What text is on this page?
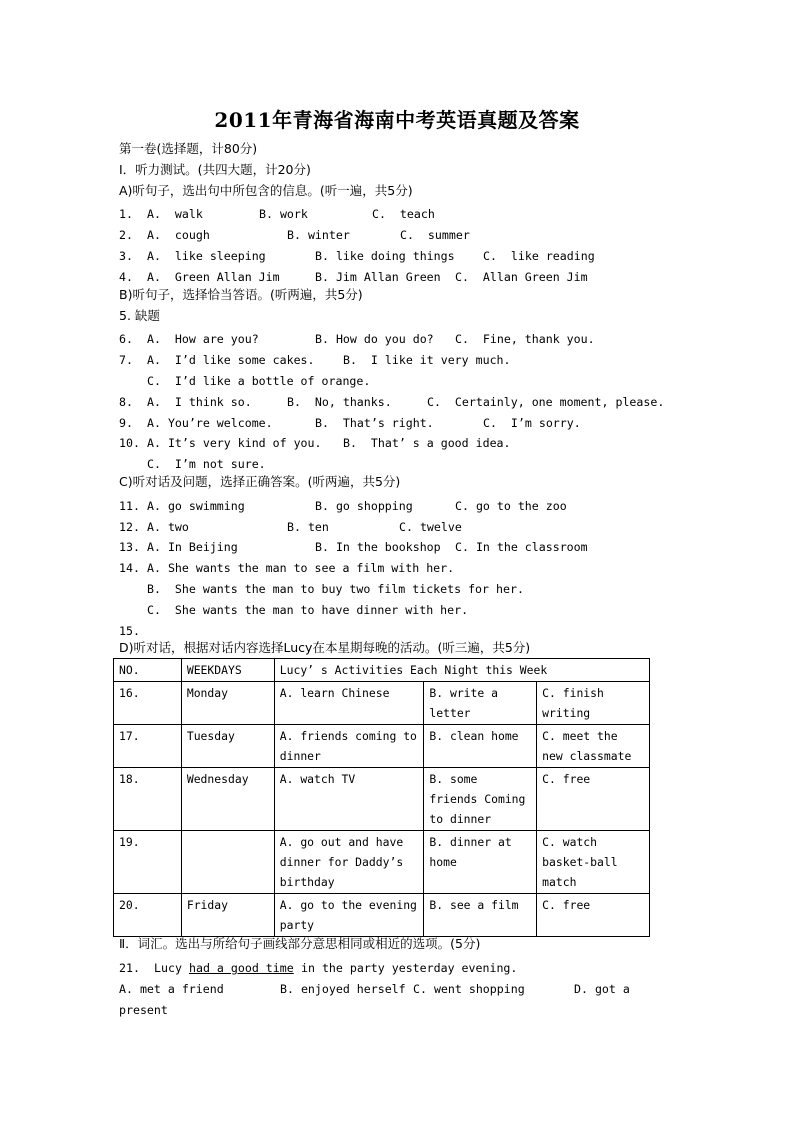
2011年青海省海南中考英语真题及答案
第一卷(选择题，计80分)
I．听力测试。(共四大题，计20分)
A)听句子，选出句中所包含的信息。(听一遍，共5分)
1. A.  walk	B. work	C.  teach
2. A.  cough	B. winter	C.  summer
3. A.  like sleeping	B. like doing things C.  like reading
4. A.  Green Allan Jim	B. Jim Allan Green C.  Allan Green Jim
B)听句子，选择恰当答语。(听两遍，共5分)
5. 缺题
6. A.  How are you?	B. How do you do? C.  Fine, thank you.
7. A.  I’d like some cakes. B.  I like it very much.
C.  I’d like a bottle of orange.
8. A.  I think so.	B.  No, thanks.	C.  Certainly, one moment, please.
9. A. You’re welcome.	B.  That’s right.	C.  I’m sorry.
10. A. It’s very kind of you. B.  That’ s a good idea.
C.  I’m not sure.
C)听对话及问题，选择正确答案。(听两遍，共5分)
11. A. go swimming	B. go shopping	C. go to the zoo
12. A. two	B. ten	C. twelve
13. A. In Beijing	B. In the bookshop C. In the classroom
14. A. She wants the man to see a film with her.
B.  She wants the man to buy two film tickets for her.
C.  She wants the man to have dinner with her.
15.
D)听对话，根据对话内容选择Lucy在本星期每晚的活动。(听三遍，共5分)
NO.	WEEKDAYS	Lucy’ s Activities Each Night this Week		
16.	Monday	A. learn Chinese	B. write a letter	C. finish writing
17.	Tuesday	A. friends coming to dinner	B. clean home	C. meet the new classmate
18.	Wednesday	A. watch TV	B. some friends Coming to dinner	C. free
19.		A. go out and have dinner for Daddy’s birthday	B. dinner at home	C. watch basket-ball match
20.	Friday	A. go to the evening party	B. see a film	C. free
Ⅱ．词汇。选出与所给句子画线部分意思相同或相近的选项。(5分)
21. Lucy had a good time in the party yesterday evening.
A. met a friend	B. enjoyed herself C. went shopping	D. got a
present
